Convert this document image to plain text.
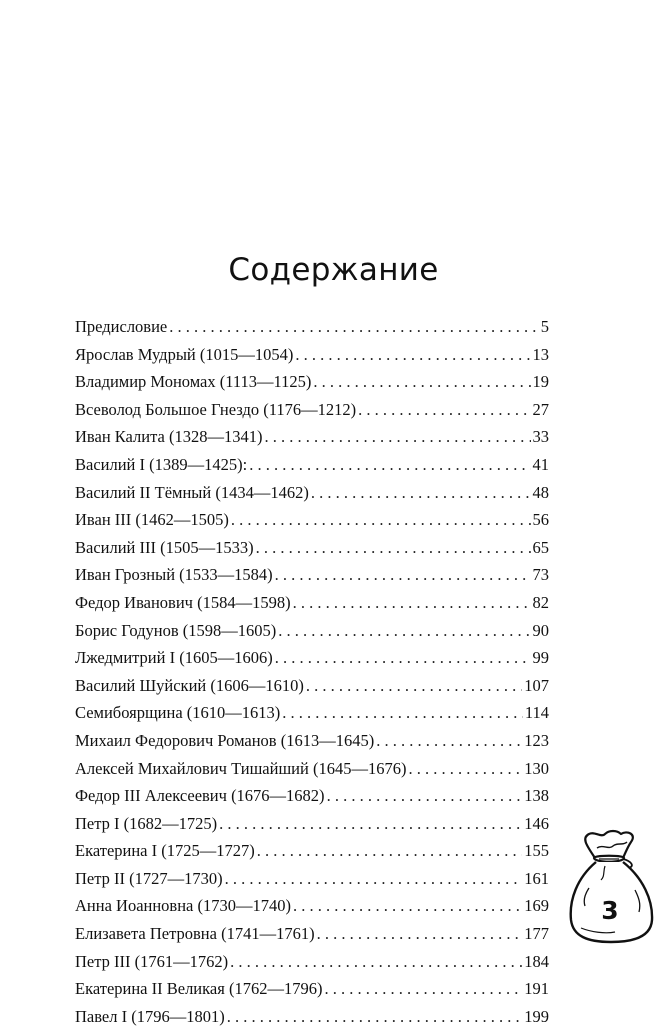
Содержание
Предисловие . . .	5
Ярослав Мудрый (1015—1054) . . .	13
Владимир Мономах (1113—1125) . . .	19
Всеволод Большое Гнездо (1176—1212) . . .	27
Иван Калита (1328—1341) . . .	33
Василий I (1389—1425): . . .	41
Василий II Тёмный (1434—1462) . . .	48
Иван III (1462—1505) . . .	56
Василий III (1505—1533) . . .	65
Иван Грозный (1533—1584) . . .	73
Федор Иванович (1584—1598) . . .	82
Борис Годунов (1598—1605) . . .	90
Лжедмитрий I (1605—1606) . . .	99
Василий Шуйский (1606—1610) . . .	107
Семибоярщина (1610—1613) . . .	114
Михаил Федорович Романов (1613—1645) . . .	123
Алексей Михайлович Тишайший (1645—1676) . . .	130
Федор III Алексеевич (1676—1682) . . .	138
Петр I (1682—1725) . . .	146
Екатерина I (1725—1727) . . .	155
Петр II (1727—1730) . . .	161
Анна Иоанновна (1730—1740) . . .	169
Елизавета Петровна (1741—1761) . . .	177
Петр III (1761—1762) . . .	184
Екатерина II Великая (1762—1796) . . .	191
Павел I (1796—1801) . . .	199
3
